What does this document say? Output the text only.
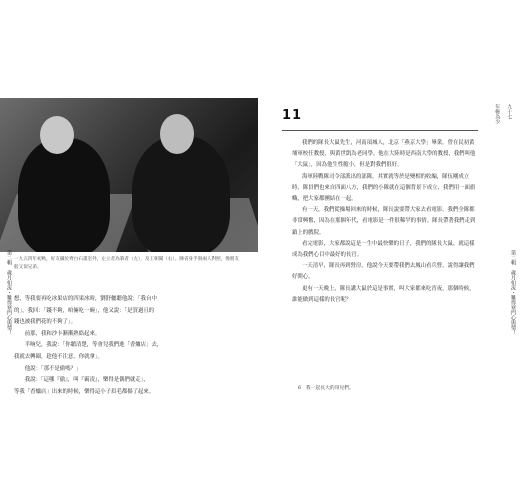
一九五四年初秋，好友攝於齊白石畫室外，左立者為筆者（左），及王朝聞（右）。陳省身手與兩人對照，像朋友般又似兄弟。

想，等我要再吃冰果店的四果冰時，劉舒儷聽他說：「我台中

的」，我回：「錢不夠，咱倆吃一碗」，他又說：「是買過且的

錢也被我們花的不夠了」。

　　前那，我和沙卡漸漸熟絡起來。

　　半晌兒，我說：「你聽清楚，等會兒我們進「香爐店」去，

我就去轉圈，趁他不注意，你就拿」。

　　他說：「那不是偷嗎？」

　　我說：「這哪『偷』，叫『霸凌』，樂得是偶們就走」，

等我「香爐店」出來的時候，樂得這小子眉毛都揚了起來。

第二輯　歲月如流・難得寒門心與情！
11

我們的隊長大鼠先生，河南項城人，北京「燕京大學」畢業，曾在民初黃埔軍校任教授，與黃世凱為老同學。他在大陸時是西南大學的教授，我們叫他「大鼠」，因為他生性膽小，但是對我們很好。

海軍陸戰隊司令部派出的部隊，其實就等於是變相的收編，隊伍剛成立時，隊員們也來自四面八方，我們的小隊就在這個背景下成立，我們用一面旗幟，把大家都團結在一起。

有一天，我們從操場回來的時候，隊長說要帶大家去看電影。我們全隊都非常興奮，因為在那個年代，看電影是一件很稀罕的事情。隊長帶著我們走到鎮上的戲院。

看完電影，大家都說這是一生中最快樂的日子，我們的隊長大鼠，就這樣成為我們心目中最好的長官。

一天清早，隊長再到營房，他說今天要帶我們去鳳山看兵營，說得讓我們好開心。

更有一天晚上，隊長講大鼠於這是事實，叫大家都來吃宵夜，那個時候，誰能做到這樣的長官呢？

6　我一起長大的哥兒們。
年輕為少 九十七
第二輯　歲月如流・難得寒門心與情！
